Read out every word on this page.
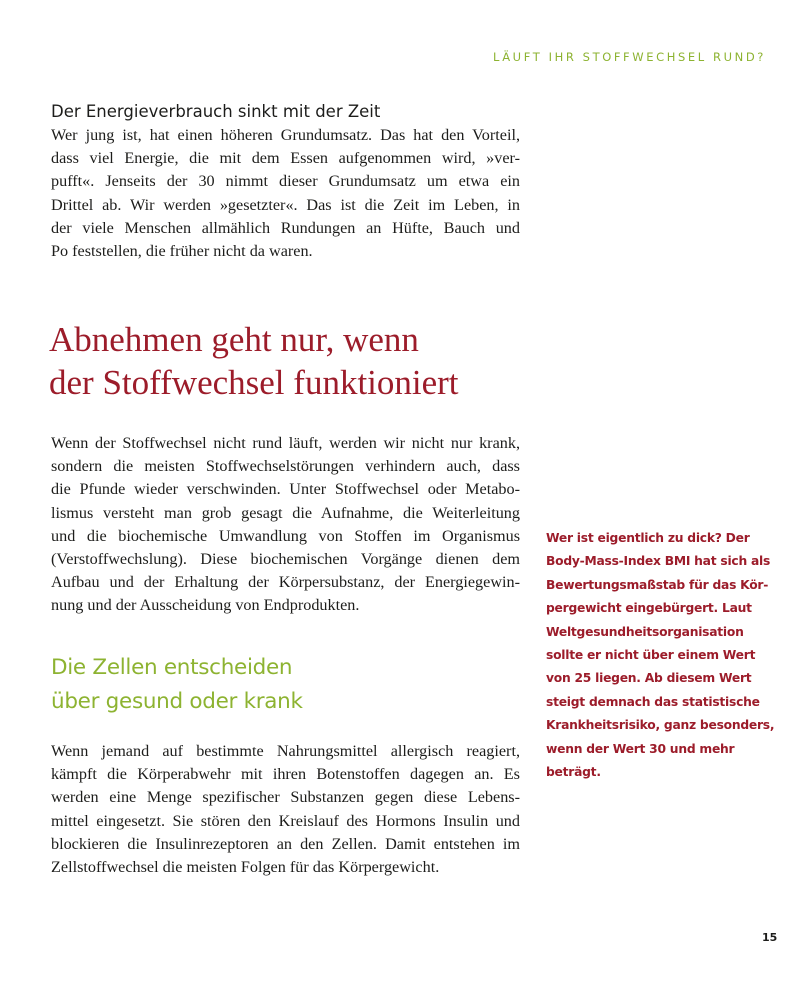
LÄUFT IHR STOFFWECHSEL RUND?
Der Energieverbrauch sinkt mit der Zeit

Wer jung ist, hat einen höheren Grundumsatz. Das hat den Vorteil,
dass viel Energie, die mit dem Essen aufgenommen wird, »ver-
pufft«. Jenseits der 30 nimmt dieser Grundumsatz um etwa ein
Drittel ab. Wir werden »gesetzter«. Das ist die Zeit im Leben, in
der viele Menschen allmählich Rundungen an Hüfte, Bauch und
Po feststellen, die früher nicht da waren.

Abnehmen geht nur, wenn
der Stoffwechsel funktioniert

Wenn der Stoffwechsel nicht rund läuft, werden wir nicht nur krank,
sondern die meisten Stoffwechselstörungen verhindern auch, dass
die Pfunde wieder verschwinden. Unter Stoffwechsel oder Metabo-
lismus versteht man grob gesagt die Aufnahme, die Weiterleitung
und die biochemische Umwandlung von Stoffen im Organismus
(Verstoffwechslung). Diese biochemischen Vorgänge dienen dem
Aufbau und der Erhaltung der Körpersubstanz, der Energiegewin-
nung und der Ausscheidung von Endprodukten.

Die Zellen entscheiden
über gesund oder krank

Wenn jemand auf bestimmte Nahrungsmittel allergisch reagiert,
kämpft die Körperabwehr mit ihren Botenstoffen dagegen an. Es
werden eine Menge spezifischer Substanzen gegen diese Lebens-
mittel eingesetzt. Sie stören den Kreislauf des Hormons Insulin und
blockieren die Insulinrezeptoren an den Zellen. Damit entstehen im
Zellstoffwechsel die meisten Folgen für das Körpergewicht.

Wer ist eigentlich zu dick? Der
Body-Mass-Index BMI hat sich als
Bewertungsmaßstab für das Kör-
pergewicht eingebürgert. Laut
Weltgesundheitsorganisation
sollte er nicht über einem Wert
von 25 liegen. Ab diesem Wert
steigt demnach das statistische
Krankheitsrisiko, ganz besonders,
wenn der Wert 30 und mehr
beträgt.

15
